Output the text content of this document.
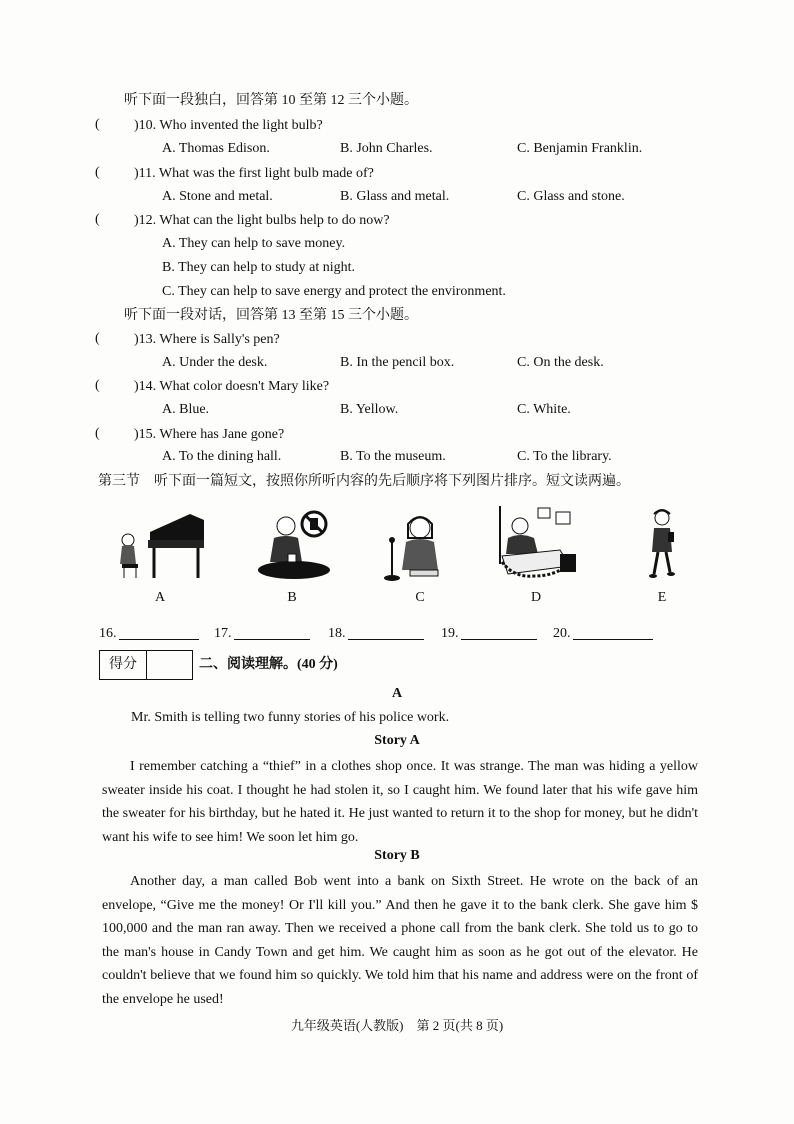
听下面一段独白，回答第 10 至第 12 三个小题。
( )10. Who invented the light bulb?
A. Thomas Edison.	B. John Charles.	C. Benjamin Franklin.
( )11. What was the first light bulb made of?
A. Stone and metal.	B. Glass and metal.	C. Glass and stone.
( )12. What can the light bulbs help to do now?
A. They can help to save money.
B. They can help to study at night.
C. They can help to save energy and protect the environment.
听下面一段对话，回答第 13 至第 15 三个小题。
( )13. Where is Sally's pen?
A. Under the desk.	B. In the pencil box.	C. On the desk.
( )14. What color doesn't Mary like?
A. Blue.	B. Yellow.	C. White.
( )15. Where has Jane gone?
A. To the dining hall.	B. To the museum.	C. To the library.
第三节　听下面一篇短文，按照你所听内容的先后顺序将下列图片排序。短文读两遍。
A	B	C	D	E
16.	17.	18.	19.	20.
得分	二、阅读理解。(40 分)
A
Mr. Smith is telling two funny stories of his police work.
Story A
I remember catching a “thief” in a clothes shop once. It was strange. The man was hiding a yellow sweater inside his coat. I thought he had stolen it, so I caught him. We found later that his wife gave him the sweater for his birthday, but he hated it. He just wanted to return it to the shop for money, but he didn't want his wife to see him! We soon let him go.
Story B
Another day, a man called Bob went into a bank on Sixth Street. He wrote on the back of an envelope, “Give me the money! Or I'll kill you.” And then he gave it to the bank clerk. She gave him $ 100,000 and the man ran away. Then we received a phone call from the bank clerk. She told us to go to the man's house in Candy Town and get him. We caught him as soon as he got out of the elevator. He couldn't believe that we found him so quickly. We told him that his name and address were on the front of the envelope he used!
九年级英语(人教版)　第 2 页(共 8 页)
